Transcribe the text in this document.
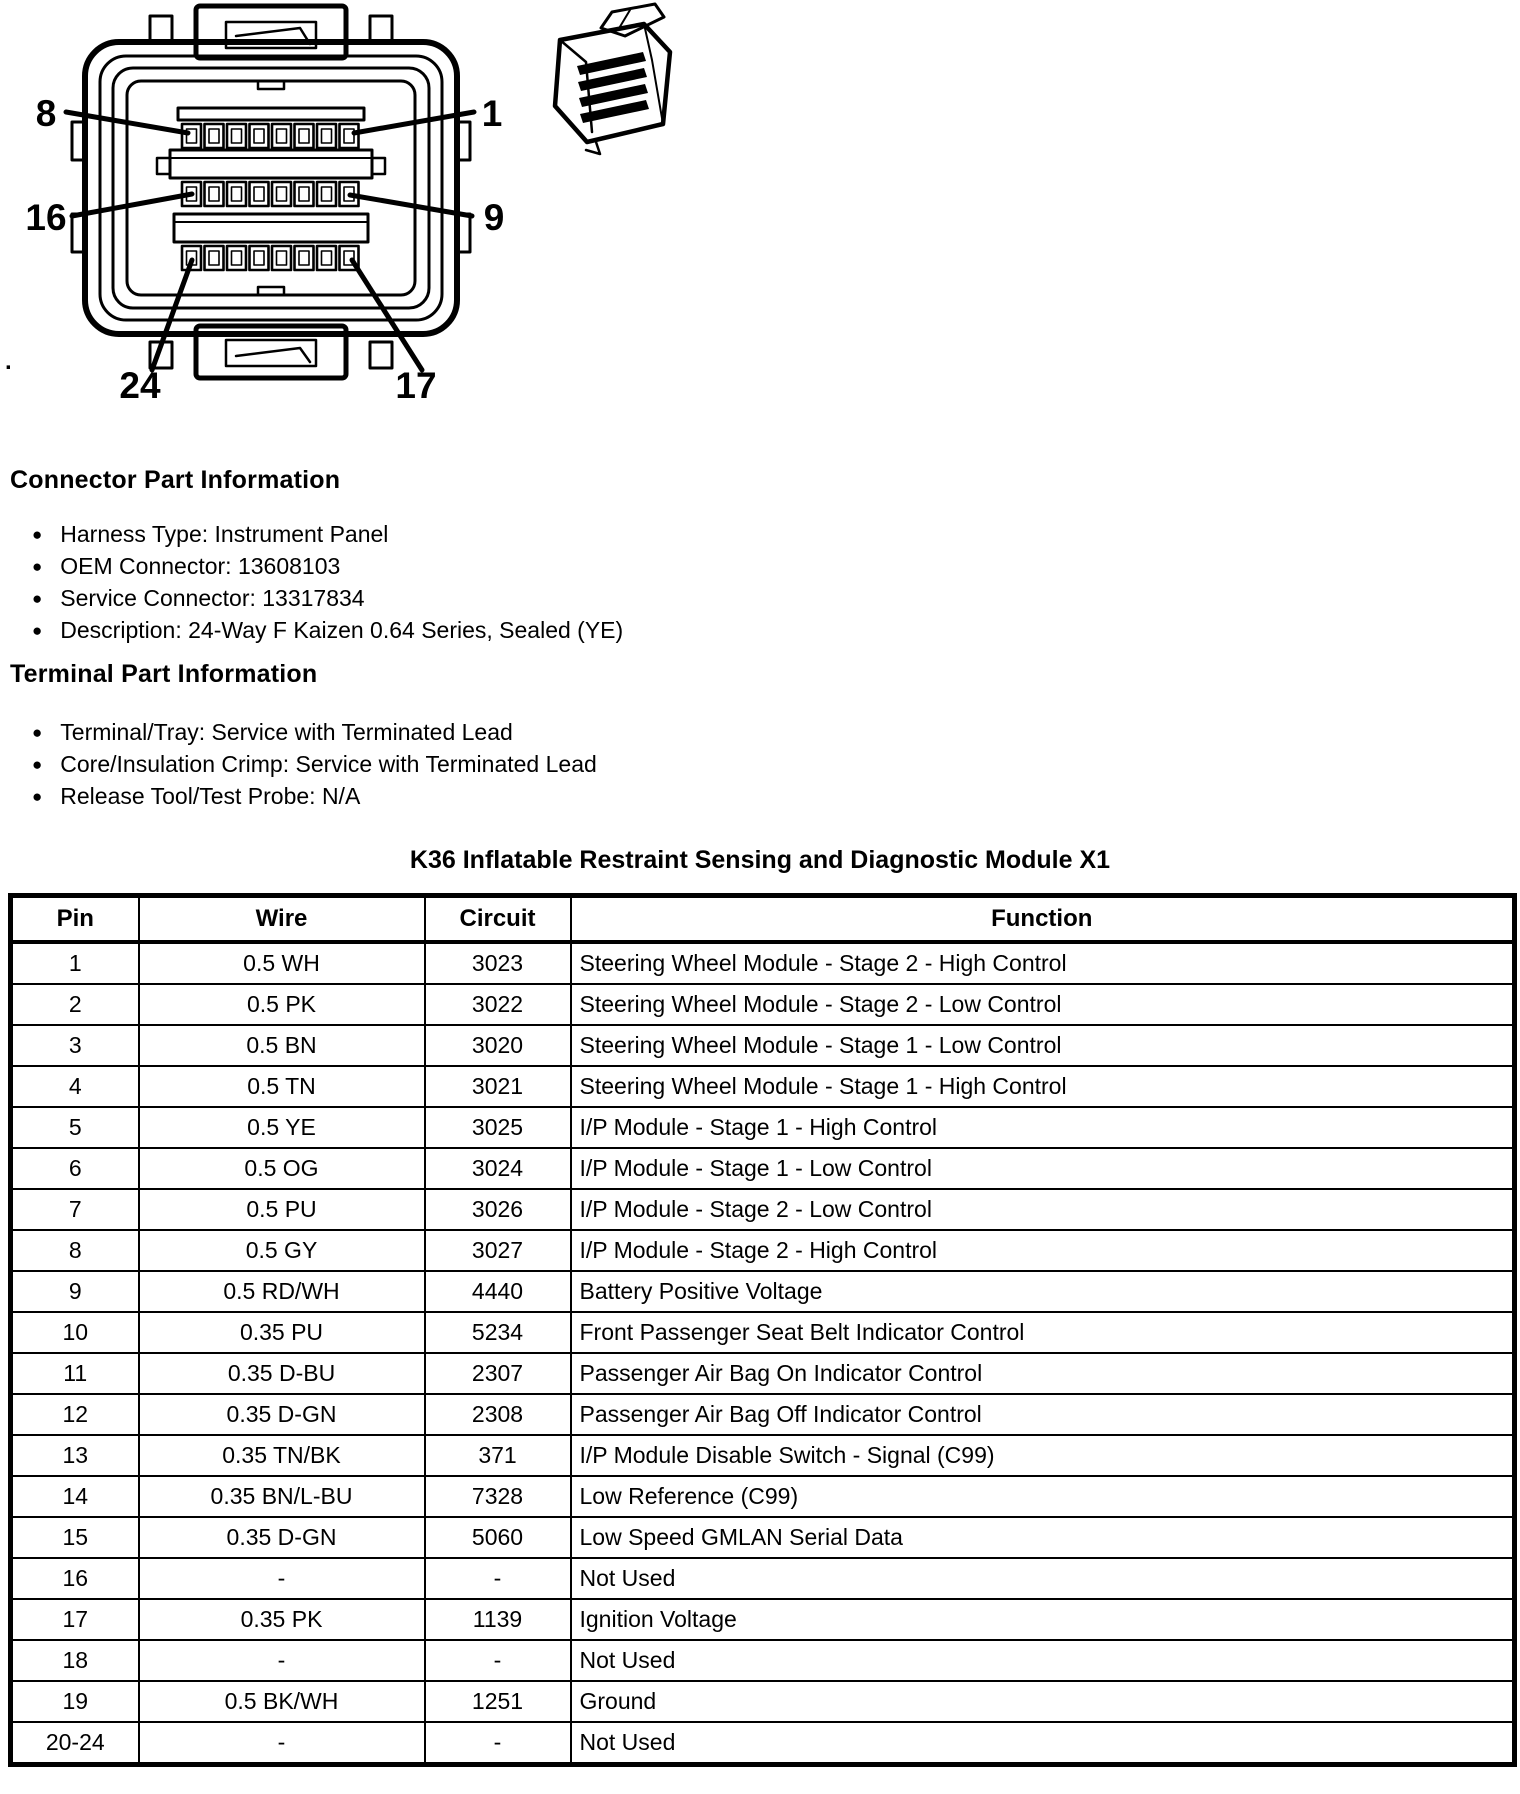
8	1
16	9
24	17
.
Connector Part Information
● Harness Type: Instrument Panel
● OEM Connector: 13608103
● Service Connector: 13317834
● Description: 24-Way F Kaizen 0.64 Series, Sealed (YE)
Terminal Part Information
● Terminal/Tray: Service with Terminated Lead
● Core/Insulation Crimp: Service with Terminated Lead
● Release Tool/Test Probe: N/A
K36 Inflatable Restraint Sensing and Diagnostic Module X1
Pin	Wire	Circuit	Function
1	0.5 WH	3023	Steering Wheel Module - Stage 2 - High Control
2	0.5 PK	3022	Steering Wheel Module - Stage 2 - Low Control
3	0.5 BN	3020	Steering Wheel Module - Stage 1 - Low Control
4	0.5 TN	3021	Steering Wheel Module - Stage 1 - High Control
5	0.5 YE	3025	I/P Module - Stage 1 - High Control
6	0.5 OG	3024	I/P Module - Stage 1 - Low Control
7	0.5 PU	3026	I/P Module - Stage 2 - Low Control
8	0.5 GY	3027	I/P Module - Stage 2 - High Control
9	0.5 RD/WH	4440	Battery Positive Voltage
10	0.35 PU	5234	Front Passenger Seat Belt Indicator Control
11	0.35 D-BU	2307	Passenger Air Bag On Indicator Control
12	0.35 D-GN	2308	Passenger Air Bag Off Indicator Control
13	0.35 TN/BK	371	I/P Module Disable Switch - Signal (C99)
14	0.35 BN/L-BU	7328	Low Reference (C99)
15	0.35 D-GN	5060	Low Speed GMLAN Serial Data
16	-	-	Not Used
17	0.35 PK	1139	Ignition Voltage
18	-	-	Not Used
19	0.5 BK/WH	1251	Ground
20-24	-	-	Not Used
